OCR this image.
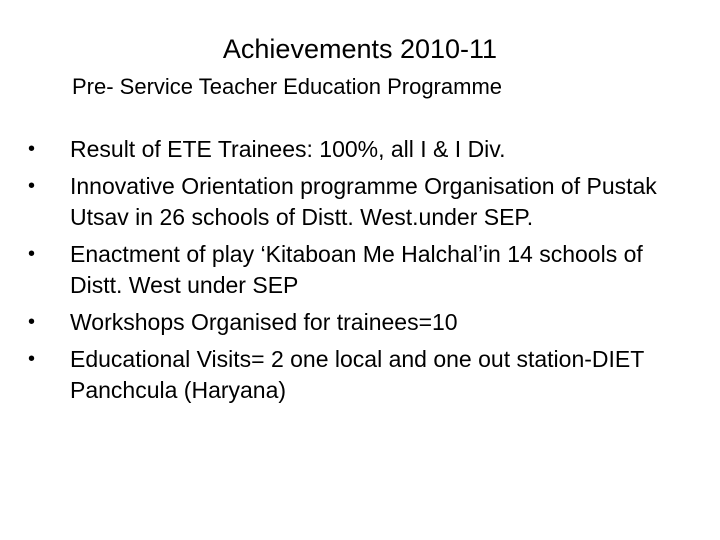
Achievements 2010-11
Pre- Service Teacher Education Programme
• Result of ETE Trainees: 100%, all I & I Div.
• Innovative Orientation programme Organisation of Pustak Utsav in 26 schools of Distt. West.under SEP.
• Enactment of play ‘Kitaboan Me Halchal’in 14 schools of Distt. West under SEP
• Workshops Organised for trainees=10
• Educational Visits= 2 one local and one out station-DIET Panchcula (Haryana)
